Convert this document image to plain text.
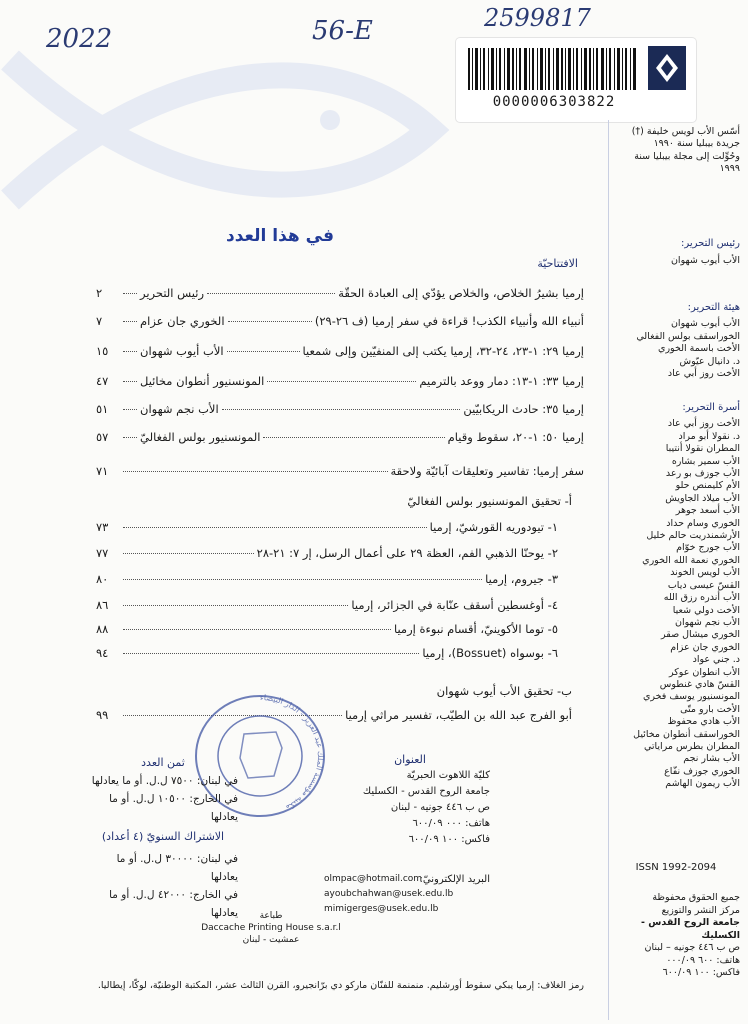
2022	56-E	2599817
0000006303822
أسّس الأب لويس خليفة (†)
جريدة بيبليا سنة ١٩٩٠
وحُوِّلت إلى مجلة بيبليا سنة ١٩٩٩
رئيس التحرير:
الأب أيوب شهوان
هيئة التحرير:
الأب أيوب شهوان
الخوراسقف بولس الفغالي
الأخت باسمة الخوري
د. دانيال عيّوش
الأخت روز أبي عاد
أسرة التحرير:
الأخت روز أبي عاد
د. نقولا أبو مراد
المطران نقولا أنتيبا
الأب سمير بشاره
الأب جوزف بو رعد
الأم كليمنص حلو
الأب ميلاد الجاويش
الأب أسعد جوهر
الخوري وسام حداد
الأرشمندريت حالم خليل
الأب جورج خوّام
الخوري نعمة الله الخوري
الأب لويس الخوند
القسّ عيسى دياب
الأب أندره رزق الله
الأخت دولي شعيا
الأب نجم شهوان
الخوري ميشال صقر
الخوري جان عزام
د. جني عواد
الأب انطوان عوكر
القسّ هادي غنطوس
المونسنيور يوسف فخري
الأخت بارو متّى
الأب هادي محفوظ
الخوراسقف أنطوان مخائيل
المطران بطرس مراياتي
الأب بشار نجم
الخوري جوزف نفّاع
الأب ريمون الهاشم
ISSN 1992-2094
جميع الحقوق محفوظة
مركز النشر والتوزيع
جامعة الروح القدس - الكسليك
ص ب ٤٤٦ جونيه – لبنان
هاتف: ٦٠٠ ٠٠٠/٠٩
فاكس: ١٠٠ ٦٠٠/٠٩
في هذا العدد
الافتتاحيّة
إرميا بشيرُ الخلاص، والخلاص يؤدّي إلى العبادة الحقّة
رئيس التحرير
٢
أنبياء الله وأنبياء الكذب! قراءة في سفر إرميا (ف ٢٦-٢٩)
الخوري جان عزام
٧
إرميا ٢٩: ١-٢٣، ٢٤-٣٢، إرميا يكتب إلى المنفيّين وإلى شمعيا
الأب أيوب شهوان
١٥
إرميا ٣٣: ١-١٣: دمار ووعد بالترميم
المونسنيور أنطوان مخائيل
٤٧
إرميا ٣٥: حادث الريكابيّين
الأب نجم شهوان
٥١
إرميا ٥٠: ١-٢٠، سقوط وقيام
المونسنيور بولس الفغاليّ
٥٧
سفر إرميا: تفاسير وتعليقات آبائيّة ولاحقة
٧١
أ- تحقيق المونسنيور بولس الفغاليّ
١- تيودوريه القورشيّ، إرميا
٧٣
٢- يوحنّا الذهبي الفم، العظة ٢٩ على أعمال الرسل، إر ٧: ٢١-٢٨
٧٧
٣- جيروم، إرميا
٨٠
٤- أوغسطين أسقف عنّابة في الجزائر، إرميا
٨٦
٥- توما الأكوينيّ، أقسام نبوءة إرميا
٨٨
٦- بوسواه (Bossuet)، إرميا
٩٤
ب- تحقيق الأب أيوب شهوان
أبو الفرج عبد الله بن الطيّب، تفسير مراثي إرميا
٩٩
مكتبة مؤسسة الملك عبد العزيز - الدار البيضاء
ثمن العدد
في لبنان: ٧٥٠٠ ل.ل. أو ما يعادلها
في الخارج: ١٠٥٠٠ ل.ل. أو ما يعادلها
الاشتراك السنويّ (٤ أعداد)
في لبنان: ٣٠٠٠٠ ل.ل. أو ما يعادلها
في الخارج: ٤٢٠٠٠ ل.ل. أو ما يعادلها
العنوان
كليّة اللاهوت الحبريّة
جامعة الروح القدس - الكسليك
ص ب ٤٤٦ جونيه - لبنان
هاتف: ٠٠٠ ٦٠٠/٠٩
فاكس: ١٠٠ ٦٠٠/٠٩
البريد الإلكترونيّ:
olmpac@hotmail.com
ayoubchahwan@usek.edu.lb
mimigerges@usek.edu.lb
طباعة
Daccache Printing House s.a.r.l
عمشيت - لبنان
رمز الغلاف: إرميا يبكي سقوط أورشليم. منمنمة للفنّان ماركو دي برّانجيرو، القرن الثالث عشر، المكتبة الوطنيّة، لوكّا، إيطاليا.
